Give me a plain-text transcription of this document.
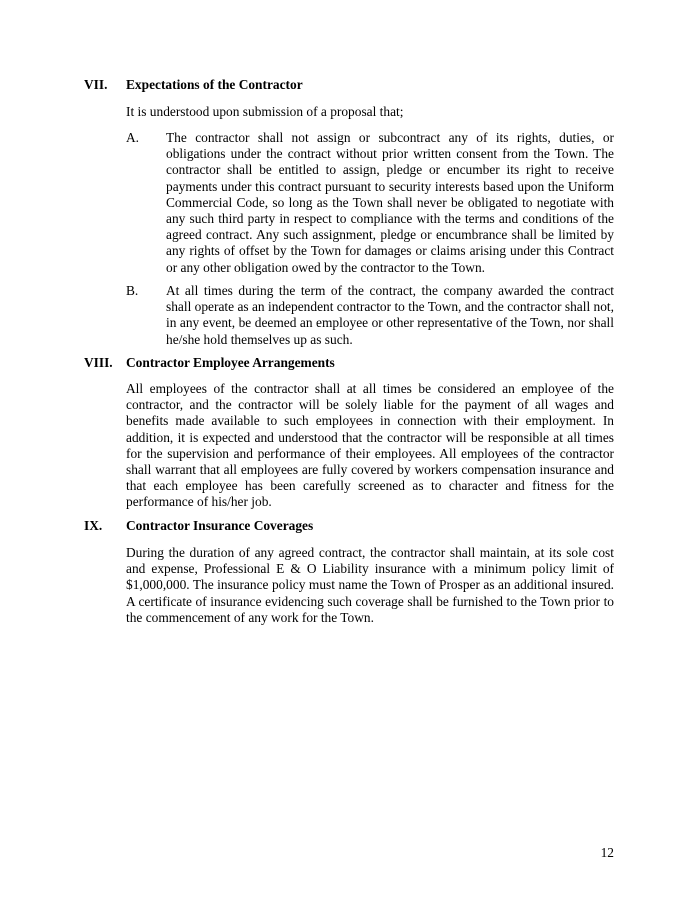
VII. Expectations of the Contractor
It is understood upon submission of a proposal that;
A. The contractor shall not assign or subcontract any of its rights, duties, or obligations under the contract without prior written consent from the Town. The contractor shall be entitled to assign, pledge or encumber its right to receive payments under this contract pursuant to security interests based upon the Uniform Commercial Code, so long as the Town shall never be obligated to negotiate with any such third party in respect to compliance with the terms and conditions of the agreed contract. Any such assignment, pledge or encumbrance shall be limited by any rights of offset by the Town for damages or claims arising under this Contract or any other obligation owed by the contractor to the Town.
B. At all times during the term of the contract, the company awarded the contract shall operate as an independent contractor to the Town, and the contractor shall not, in any event, be deemed an employee or other representative of the Town, nor shall he/she hold themselves up as such.
VIII. Contractor Employee Arrangements
All employees of the contractor shall at all times be considered an employee of the contractor, and the contractor will be solely liable for the payment of all wages and benefits made available to such employees in connection with their employment. In addition, it is expected and understood that the contractor will be responsible at all times for the supervision and performance of their employees. All employees of the contractor shall warrant that all employees are fully covered by workers compensation insurance and that each employee has been carefully screened as to character and fitness for the performance of his/her job.
IX. Contractor Insurance Coverages
During the duration of any agreed contract, the contractor shall maintain, at its sole cost and expense, Professional E & O Liability insurance with a minimum policy limit of $1,000,000. The insurance policy must name the Town of Prosper as an additional insured. A certificate of insurance evidencing such coverage shall be furnished to the Town prior to the commencement of any work for the Town.
12
